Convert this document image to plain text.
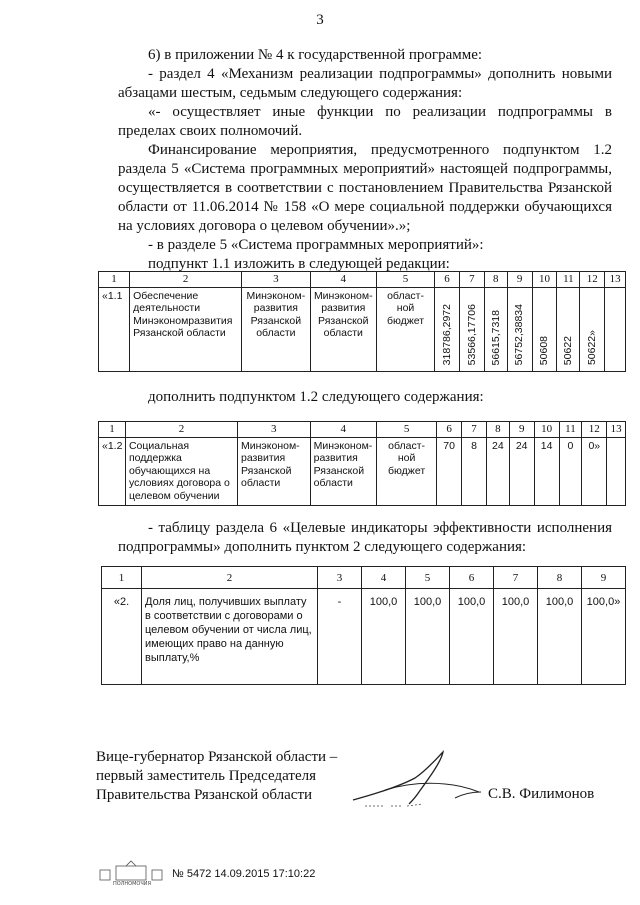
3

6) в приложении № 4 к государственной программе:

- раздел 4 «Механизм реализации подпрограммы» дополнить новыми абзацами шестым, седьмым следующего содержания:

«- осуществляет иные функции по реализации подпрограммы в пределах своих полномочий.

Финансирование мероприятия, предусмотренного подпунктом 1.2 раздела 5 «Система программных мероприятий» настоящей подпрограммы, осуществляется в соответствии с постановлением Правительства Рязанской области от 11.06.2014 № 158 «О мере социальной поддержки обучающихся на условиях договора о целевом обучении».»;

- в разделе 5 «Система программных мероприятий»:

подпункт 1.1 изложить в следующей редакции:

1	2	3	4	5	6	7	8	9	10	11	12	13
«1.1	Обеспечение деятельности Минэкономразвития Рязанской области	Минэконом-развития Рязанской области	Минэконом-развития Рязанской области	област-ной бюджет	318786,2972	53566,17706	56615,7318	56752,38834	50608	50622	50622»	

дополнить подпунктом 1.2 следующего содержания:

1	2	3	4	5	6	7	8	9	10	11	12	13
«1.2	Социальная поддержка обучающихся на условиях договора о целевом обучении	Минэконом-развития Рязанской области	Минэконом-развития Рязанской области	област-ной бюджет	70	8	24	24	14	0	0»	

- таблицу раздела 6 «Целевые индикаторы эффективности исполнения подпрограммы» дополнить пунктом 2 следующего содержания:

1	2	3	4	5	6	7	8	9
«2.	Доля лиц, получивших выплату в соответствии с договорами о целевом обучении от числа лиц, имеющих право на данную выплату,%	-	100,0	100,0	100,0	100,0	100,0	100,0»
Вице-губернатор Рязанской области –
первый заместитель Председателя
Правительства Рязанской области	С.В. Филимонов
ПОЛНОМОЧИЯ
№ 5472 14.09.2015 17:10:22
